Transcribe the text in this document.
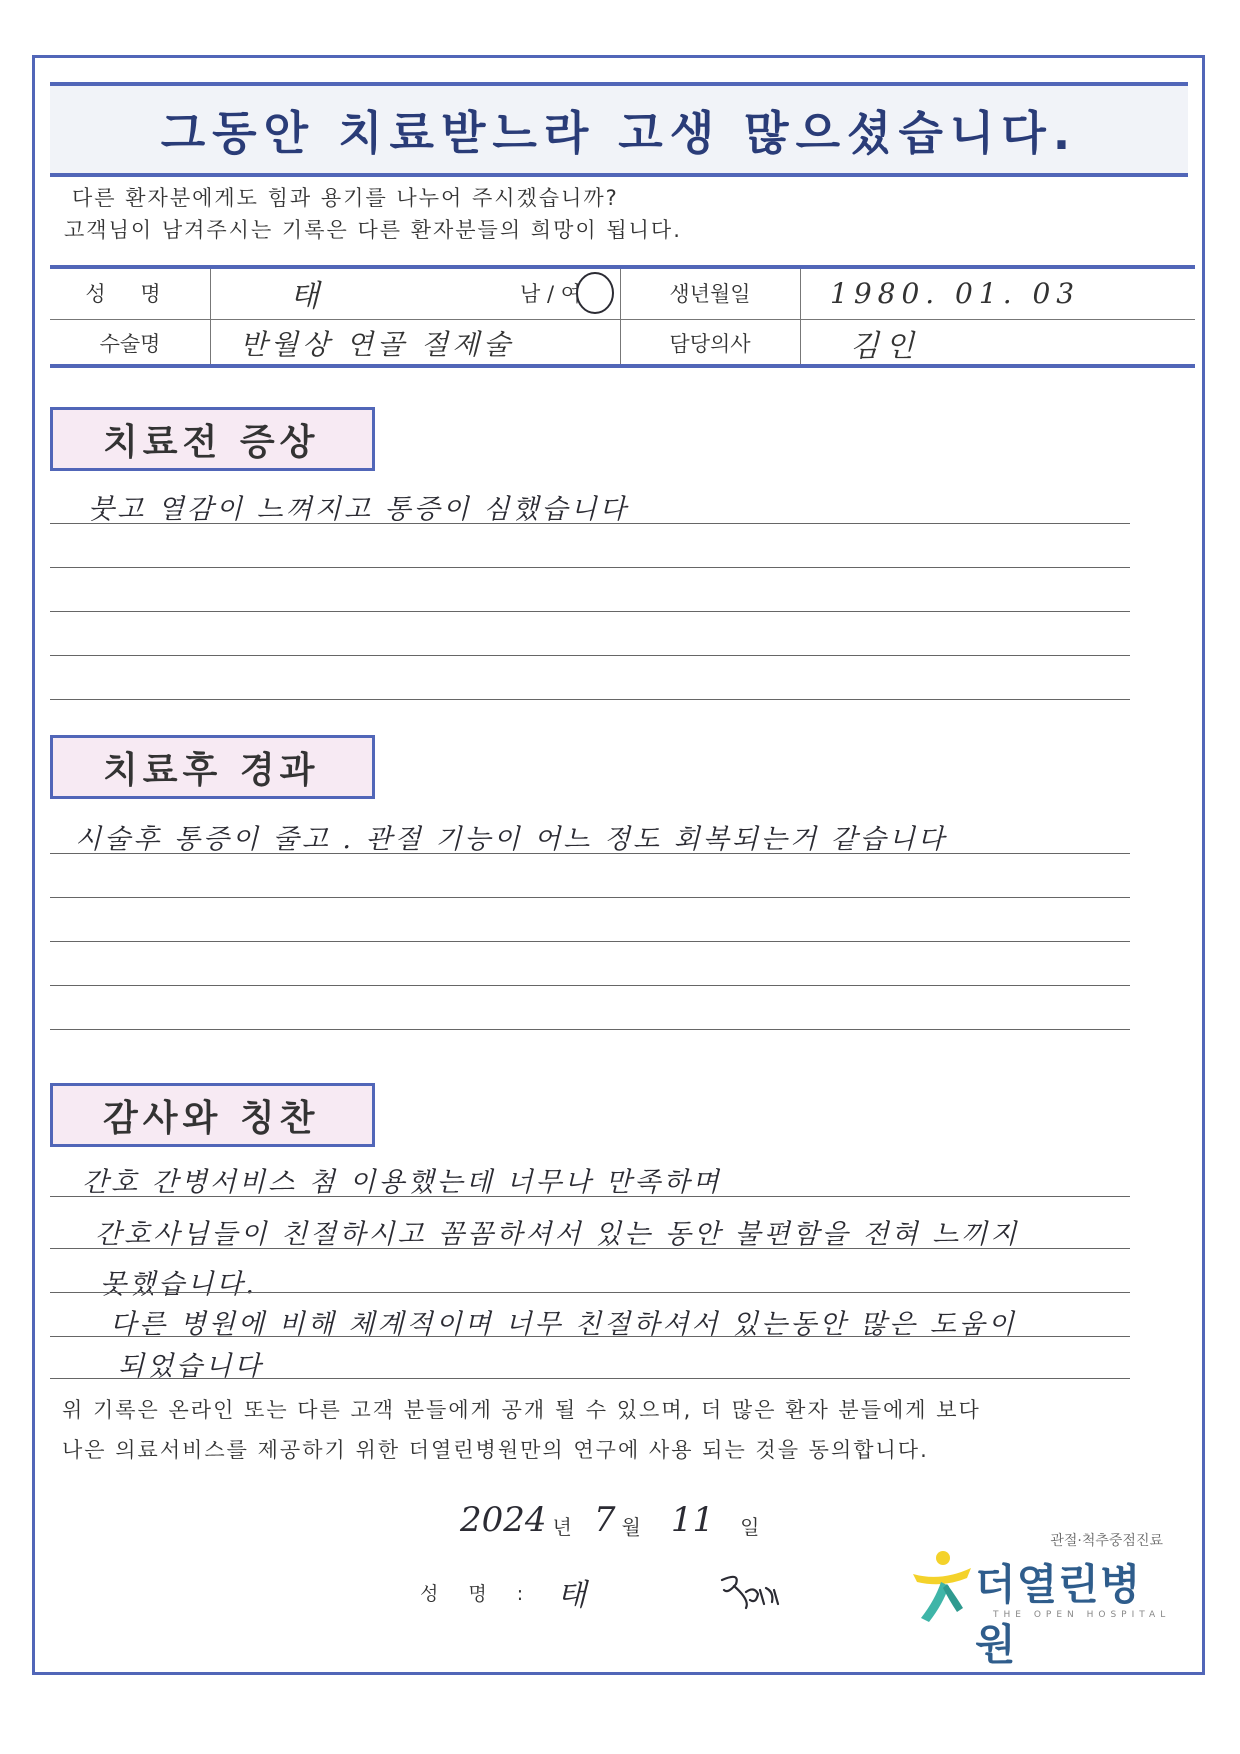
그동안 치료받느라 고생 많으셨습니다.
다른 환자분에게도 힘과 용기를 나누어 주시겠습니까?
고객님이 남겨주시는 기록은 다른 환자분들의 희망이 됩니다.
성 명	태	남 / 여	생년월일	1980. 01. 03
수술명	반월상 연골 절제술	담당의사	김인
치료전 증상
붓고 열감이 느껴지고 통증이 심했습니다
치료후 경과
시술후 통증이 줄고 . 관절 기능이 어느 정도 회복되는거 같습니다
감사와 칭찬
간호 간병서비스 첨 이용했는데 너무나 만족하며
간호사님들이 친절하시고 꼼꼼하셔서 있는 동안 불편함을 전혀 느끼지
못했습니다.
다른 병원에 비해 체계적이며 너무 친절하셔서 있는동안 많은 도움이
되었습니다
위 기록은 온라인 또는 다른 고객 분들에게 공개 될 수 있으며, 더 많은 환자 분들에게 보다
나은 의료서비스를 제공하기 위한 더열린병원만의 연구에 사용 되는 것을 동의합니다.
2024 년 7 월 11 일
성 명 : 태
관절·척추중점진료
더열린병원
THE OPEN HOSPITAL
